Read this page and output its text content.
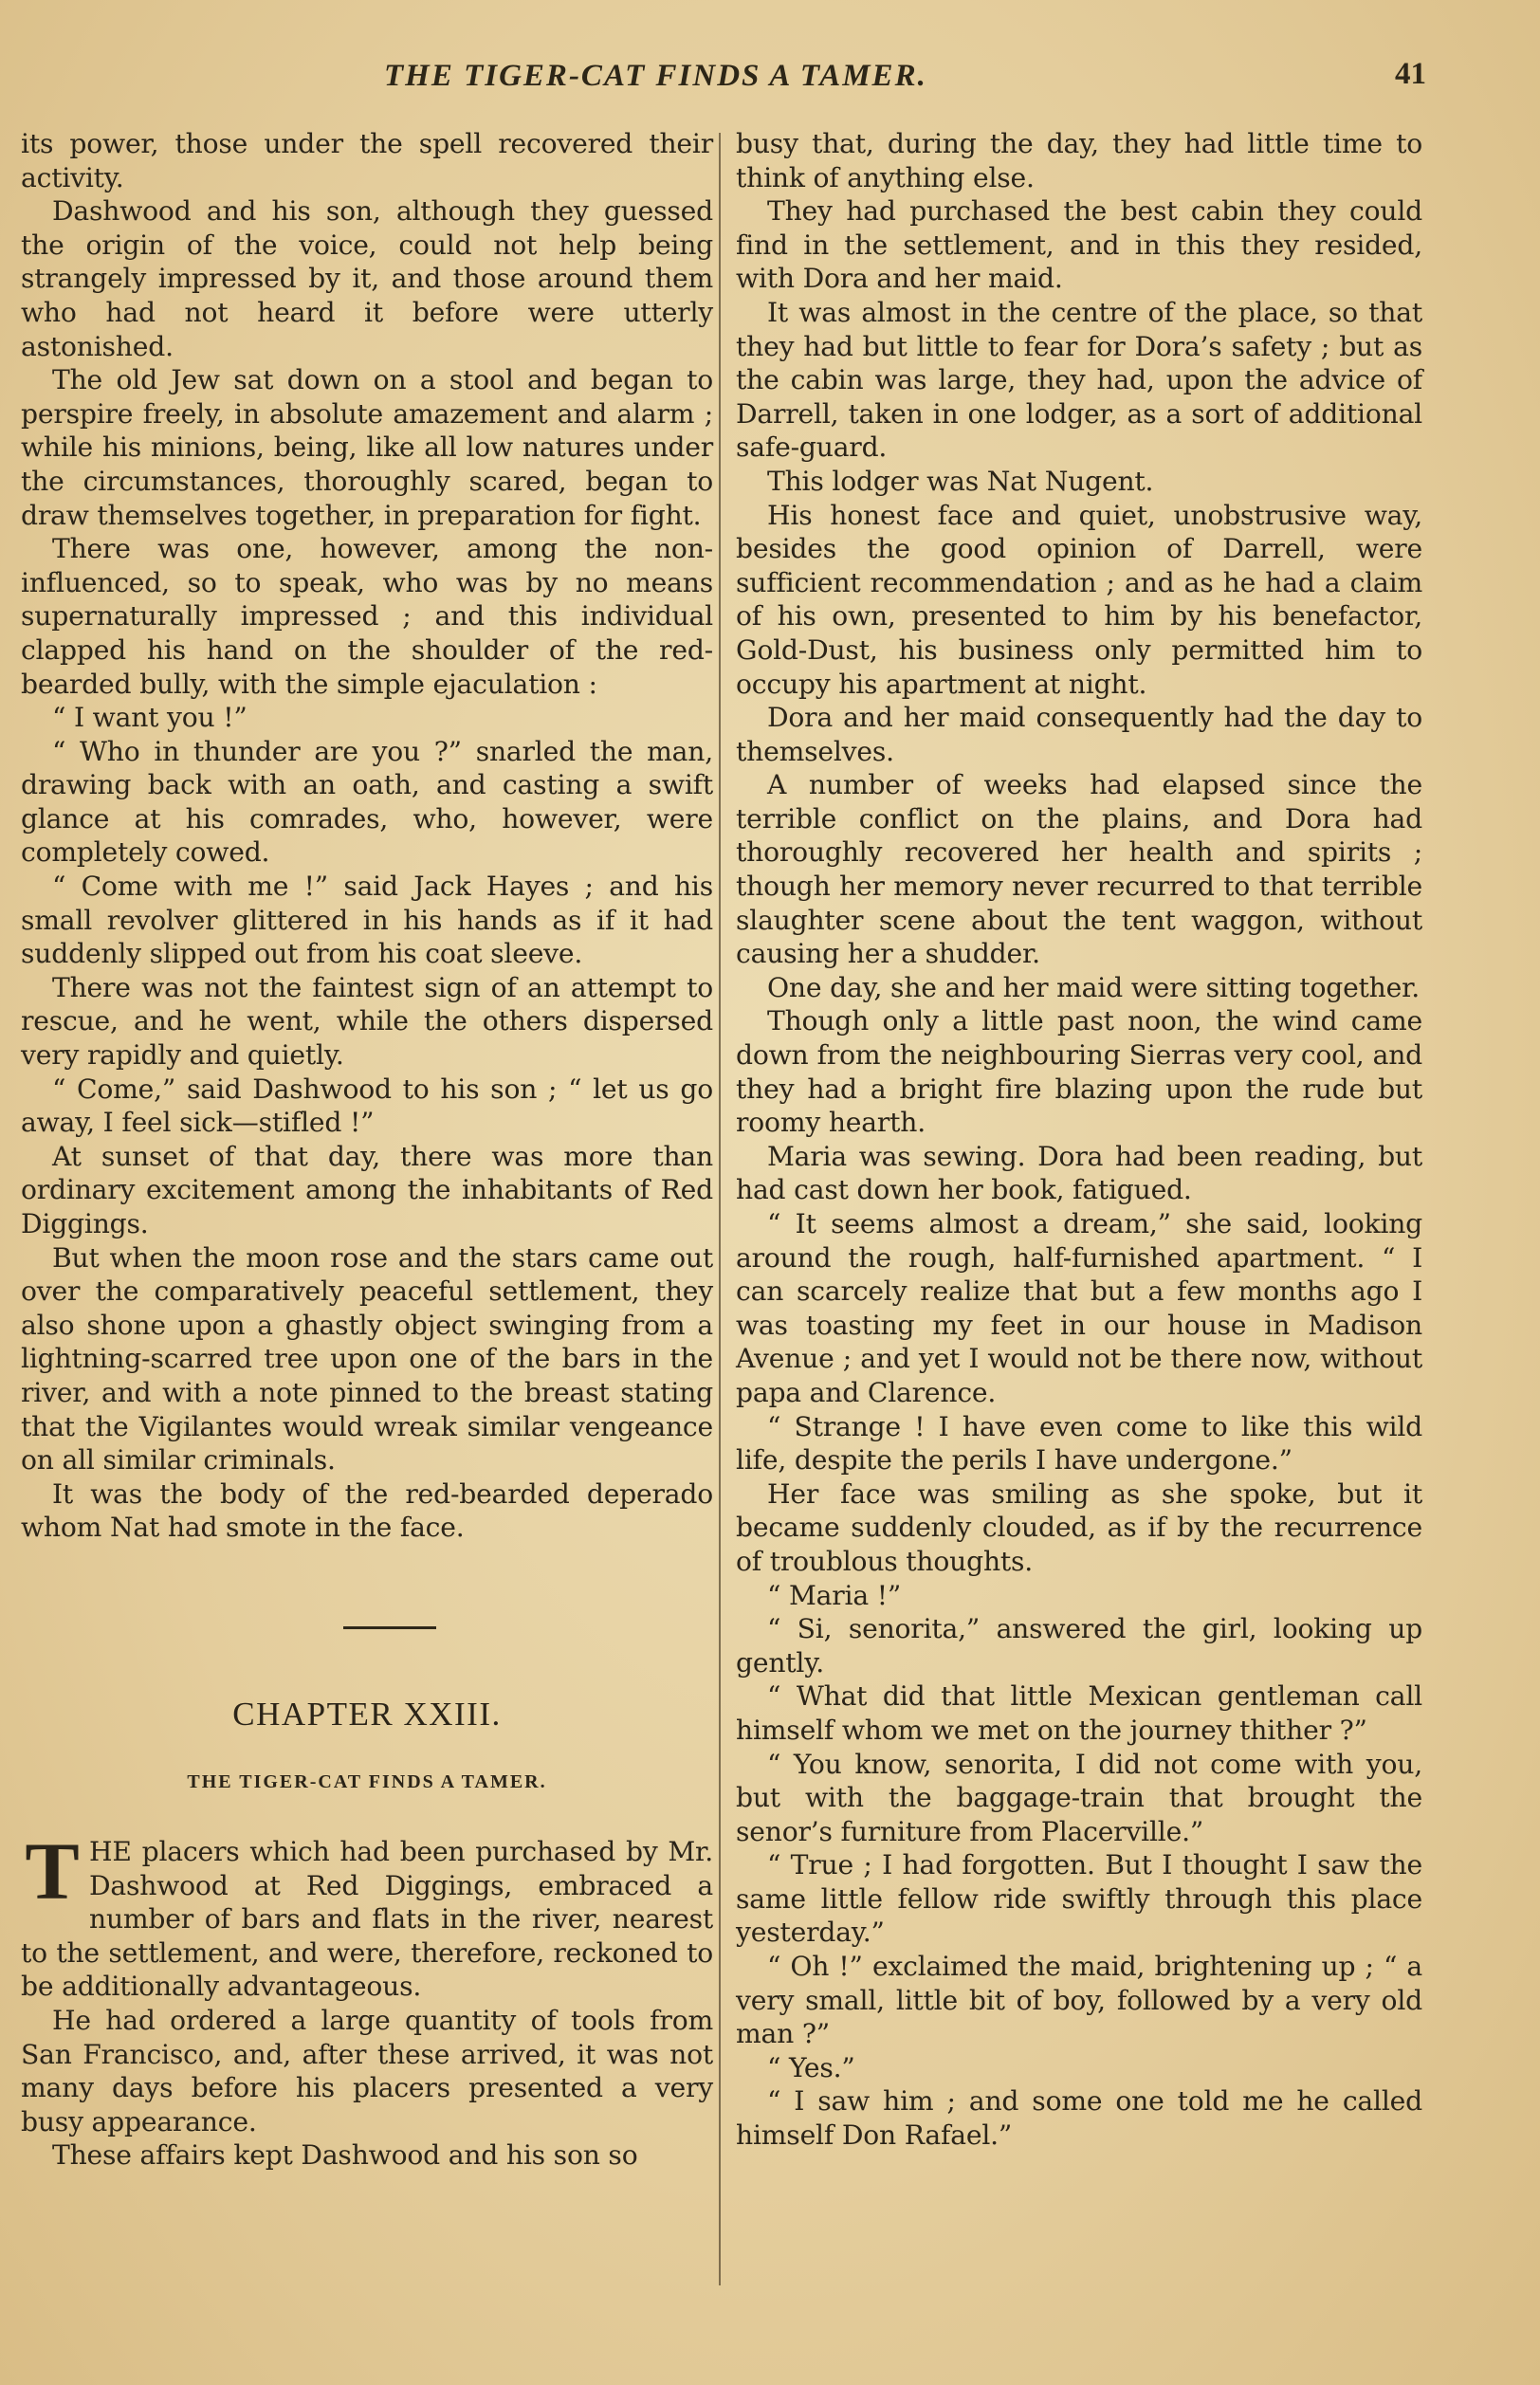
THE TIGER-CAT FINDS A TAMER.	41

its power, those under the spell recovered their activity.

Dashwood and his son, although they guessed the origin of the voice, could not help being strangely impressed by it, and those around them who had not heard it before were utterly astonished.

The old Jew sat down on a stool and began to perspire freely, in absolute amazement and alarm ; while his minions, being, like all low natures under the circumstances, thoroughly scared, began to draw themselves together, in preparation for fight.

There was one, however, among the non-influenced, so to speak, who was by no means supernaturally impressed ; and this individual clapped his hand on the shoulder of the red-bearded bully, with the simple ejaculation :

“ I want you !”

“ Who in thunder are you ?” snarled the man, drawing back with an oath, and casting a swift glance at his comrades, who, however, were completely cowed.

“ Come with me !” said Jack Hayes ; and his small revolver glittered in his hands as if it had suddenly slipped out from his coat sleeve.

There was not the faintest sign of an attempt to rescue, and he went, while the others dispersed very rapidly and quietly.

“ Come,” said Dashwood to his son ; “ let us go away, I feel sick—stifled !”

At sunset of that day, there was more than ordinary excitement among the inhabitants of Red Diggings.

But when the moon rose and the stars came out over the comparatively peaceful settlement, they also shone upon a ghastly object swinging from a lightning-scarred tree upon one of the bars in the river, and with a note pinned to the breast stating that the Vigilantes would wreak similar vengeance on all similar criminals.

It was the body of the red-bearded deperado whom Nat had smote in the face.

CHAPTER XXIII.
THE TIGER-CAT FINDS A TAMER.

THE placers which had been purchased by Mr. Dashwood at Red Diggings, embraced a number of bars and flats in the river, nearest to the settlement, and were, therefore, reckoned to be additionally advantageous.

He had ordered a large quantity of tools from San Francisco, and, after these arrived, it was not many days before his placers presented a very busy appearance.

These affairs kept Dashwood and his son so

busy that, during the day, they had little time to think of anything else.

They had purchased the best cabin they could find in the settlement, and in this they resided, with Dora and her maid.

It was almost in the centre of the place, so that they had but little to fear for Dora’s safety ; but as the cabin was large, they had, upon the advice of Darrell, taken in one lodger, as a sort of additional safe-guard.

This lodger was Nat Nugent.

His honest face and quiet, unobstrusive way, besides the good opinion of Darrell, were sufficient recommendation ; and as he had a claim of his own, presented to him by his benefactor, Gold-Dust, his business only permitted him to occupy his apartment at night.

Dora and her maid consequently had the day to themselves.

A number of weeks had elapsed since the terrible conflict on the plains, and Dora had thoroughly recovered her health and spirits ; though her memory never recurred to that terrible slaughter scene about the tent waggon, without causing her a shudder.

One day, she and her maid were sitting together.

Though only a little past noon, the wind came down from the neighbouring Sierras very cool, and they had a bright fire blazing upon the rude but roomy hearth.

Maria was sewing. Dora had been reading, but had cast down her book, fatigued.

“ It seems almost a dream,” she said, looking around the rough, half-furnished apartment. “ I can scarcely realize that but a few months ago I was toasting my feet in our house in Madison Avenue ; and yet I would not be there now, without papa and Clarence.

“ Strange ! I have even come to like this wild life, despite the perils I have undergone.”

Her face was smiling as she spoke, but it became suddenly clouded, as if by the recurrence of troublous thoughts.

“ Maria !”

“ Si, senorita,” answered the girl, looking up gently.

“ What did that little Mexican gentleman call himself whom we met on the journey thither ?”

“ You know, senorita, I did not come with you, but with the baggage-train that brought the senor’s furniture from Placerville.”

“ True ; I had forgotten. But I thought I saw the same little fellow ride swiftly through this place yesterday.”

“ Oh !” exclaimed the maid, brightening up ; “ a very small, little bit of boy, followed by a very old man ?”

“ Yes.”

“ I saw him ; and some one told me he called himself Don Rafael.”
